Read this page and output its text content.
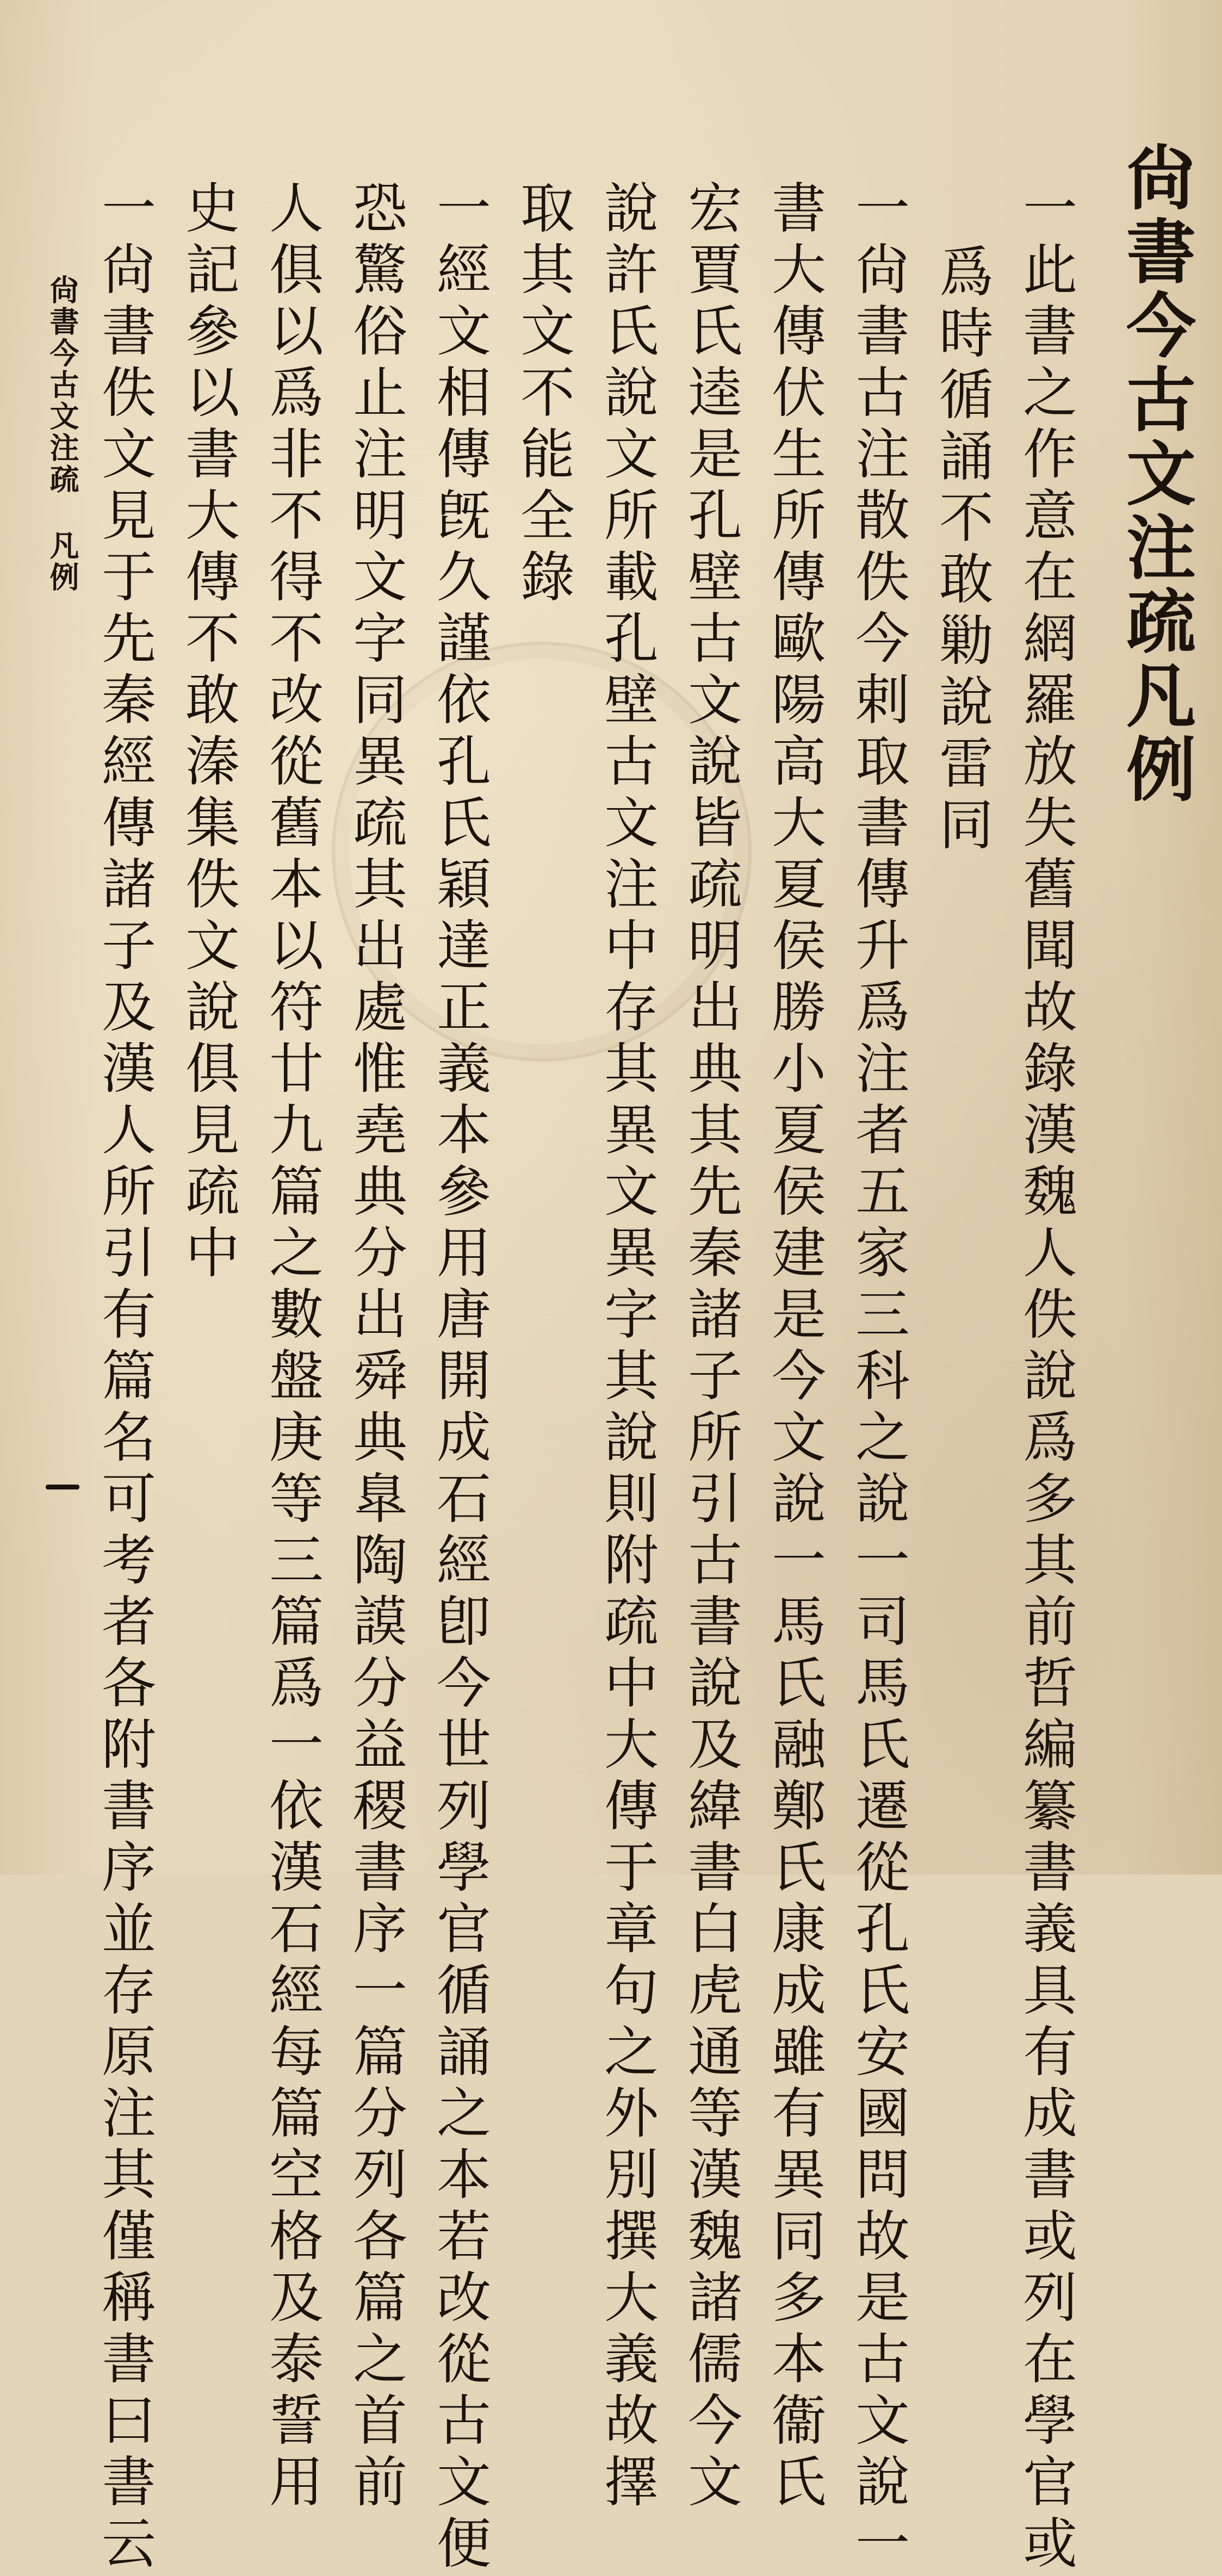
尙書今古文注疏凡例
一此書之作意在網羅放失舊聞故錄漢魏人佚說爲多其前哲編纂書義具有成書或列在學官或
爲時循誦不敢勦說雷同
一尙書古注散佚今剌取書傳升爲注者五家三科之說一司馬氏遷從孔氏安國問故是古文說一
書大傳伏生所傳歐陽高大夏侯勝小夏侯建是今文說一馬氏融鄭氏康成雖有異同多本衞氏
宏賈氏逵是孔壁古文說皆疏明出典其先秦諸子所引古書說及緯書白虎通等漢魏諸儒今文
說許氏說文所載孔壁古文注中存其異文異字其說則附疏中大傳于章句之外別撰大義故擇
取其文不能全錄
一經文相傳旣久謹依孔氏穎達正義本參用唐開成石經卽今世列學官循誦之本若改從古文便
恐驚俗止注明文字同異疏其出處惟堯典分出舜典臯陶謨分益稷書序一篇分列各篇之首前
人俱以爲非不得不改從舊本以符廿九篇之數盤庚等三篇爲一依漢石經每篇空格及泰誓用
史記參以書大傳不敢溱集佚文說俱見疏中
尙書今古文注疏凡例 一尙書佚文見于先秦經傳諸子及漢人所引有篇名可考者各附書序並存原注其僅稱書曰書云
